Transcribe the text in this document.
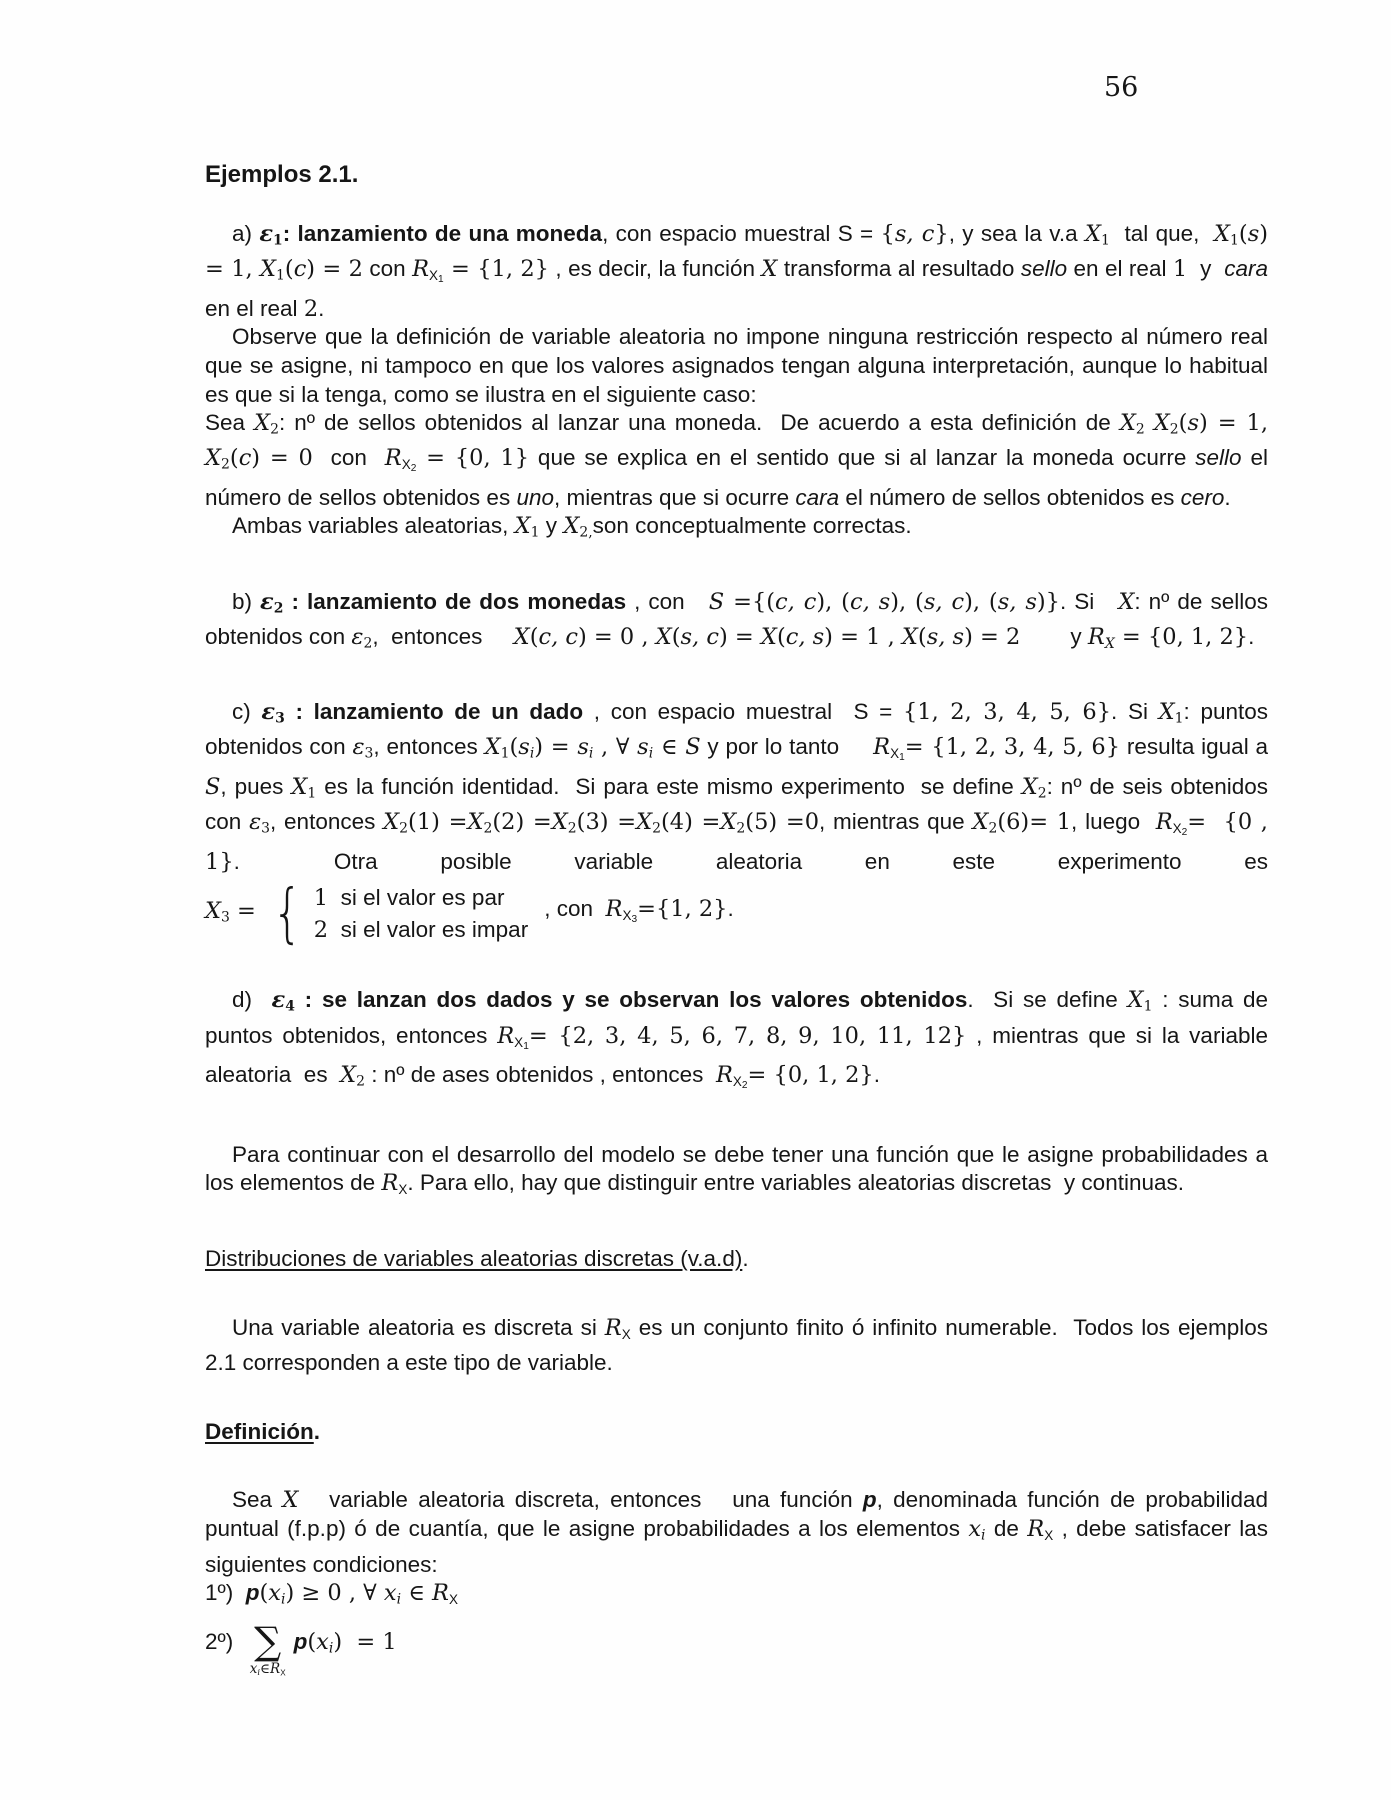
56
Ejemplos 2.1.

a) ε1: lanzamiento de una moneda, con espacio muestral S = {s, c}, y sea la v.a X1  tal que,  X1(s) = 1, X1(c) = 2 con $RX_1 = \{1$, 2} , es decir, la función X transforma al resultado sello en el real 1  y  cara en el real 2.

Observe que la definición de variable aleatoria no impone ninguna restricción respecto al número real que se asigne, ni tampoco en que los valores asignados tengan alguna interpretación, aunque lo habitual es que si la tenga, como se ilustra en el siguiente caso:

Sea X2: nº de sellos obtenidos al lanzar una moneda.  De acuerdo a esta definición de X2 X2(s) = 1, X2(c) = 0  con  $RX_2 = \{0$, 1} que se explica en el sentido que si al lanzar la moneda ocurre sello el número de sellos obtenidos es uno, mientras que si ocurre cara el número de sellos obtenidos es cero.

Ambas variables aleatorias, X1 y X2,son conceptualmente correctas.

b) ε2 : lanzamiento de dos monedas , con   S ={(c, c), (c, s), (s, c), (s, s)}. Si   X: nº de sellos obtenidos con ε2,  entonces     X(c, c) = 0 , X(s, c) = X(c, s) = 1 , X(s, s) = 2        y RX = {0, 1, 2}.

c) ε3 : lanzamiento de un dado , con espacio muestral  S = {1, 2, 3, 4, 5, 6}. Si X1: puntos obtenidos con ε3, entonces X1(si) = si , ∀ si ∈ S y por lo tanto     $RX_1= \{1$, 2, 3, 4, 5, 6} resulta igual a S, pues X1 es la función identidad.  Si para este mismo experimento  se define X2: nº de seis obtenidos con ε3, entonces X2(1) =X2(2) =X2(3) =X2(4) =X2(5) =0, mientras que X2(6)= 1, luego  $RX_2= \{0$ , 1}.   Otra  posible  variable  aleatoria  en  este  experimento  es

X3 = { 1  si el valor es par
2  si el valor es impar
, con  $RX_3=\{1$, 2}.

d)  ε4 : se lanzan dos dados y se observan los valores obtenidos.  Si se define X1 : suma de puntos obtenidos, entonces $RX_1= \{2$, 3, 4, 5, 6, 7, 8, 9, 10, 11, 12} , mientras que si la variable aleatoria  es  X2 : nº de ases obtenidos , entonces  $RX_2= \{0$, 1, 2}.

Para continuar con el desarrollo del modelo se debe tener una función que le asigne probabilidades a los elementos de RX. Para ello, hay que distinguir entre variables aleatorias discretas  y continuas.

Distribuciones de variables aleatorias discretas (v.a.d).

Una variable aleatoria es discreta si RX es un conjunto finito ó infinito numerable.  Todos los ejemplos 2.1 corresponden a este tipo de variable.

Definición.

Sea X   variable aleatoria discreta, entonces   una función p, denominada función de probabilidad puntual (f.p.p) ó de cuantía, que le asigne probabilidades a los elementos xi de RX , debe satisfacer las siguientes condiciones:

1º)  p(xi) ≥ 0 , ∀ xi ∈ RX

2º) ∑
xi∈RX
p(xi)  = 1
